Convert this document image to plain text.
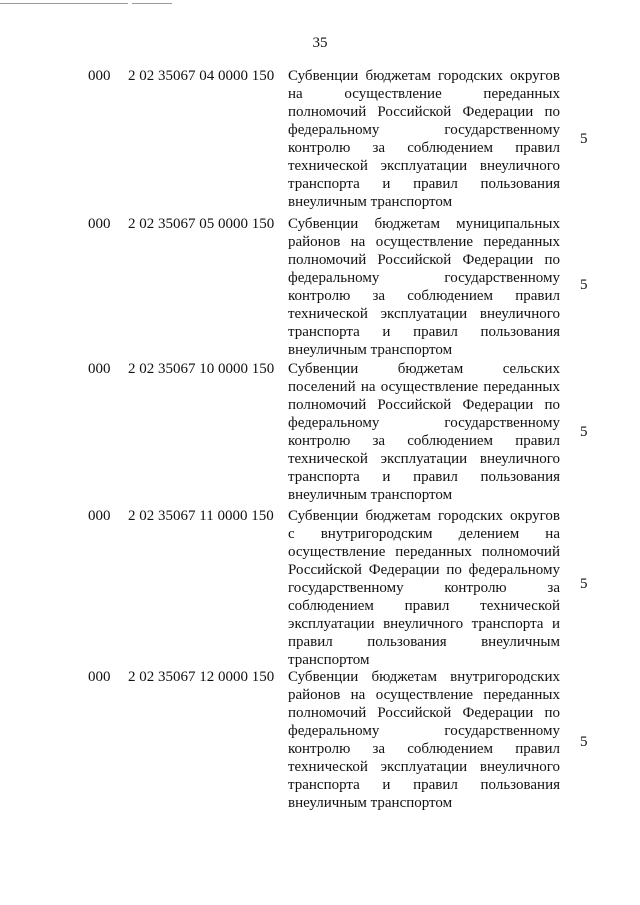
35
000 2 02 35067 04 0000 150 Субвенции бюджетам городских округов
на осуществление переданных
полномочий Российской Федерации по
федеральному государственному
контролю за соблюдением правил
технической эксплуатации внеуличного
транспорта и правил пользования
внеуличным транспортом
5
000 2 02 35067 05 0000 150 Субвенции бюджетам муниципальных
районов на осуществление переданных
полномочий Российской Федерации по
федеральному государственному
контролю за соблюдением правил
технической эксплуатации внеуличного
транспорта и правил пользования
внеуличным транспортом
5
000 2 02 35067 10 0000 150 Субвенции бюджетам сельских
поселений на осуществление переданных
полномочий Российской Федерации по
федеральному государственному
контролю за соблюдением правил
технической эксплуатации внеуличного
транспорта и правил пользования
внеуличным транспортом
5
000 2 02 35067 11 0000 150 Субвенции бюджетам городских округов
с внутригородским делением на
осуществление переданных полномочий
Российской Федерации по федеральному
государственному контролю за
соблюдением правил технической
эксплуатации внеуличного транспорта и
правил пользования внеуличным
транспортом
5
000 2 02 35067 12 0000 150 Субвенции бюджетам внутригородских
районов на осуществление переданных
полномочий Российской Федерации по
федеральному государственному
контролю за соблюдением правил
технической эксплуатации внеуличного
транспорта и правил пользования
внеуличным транспортом
5
